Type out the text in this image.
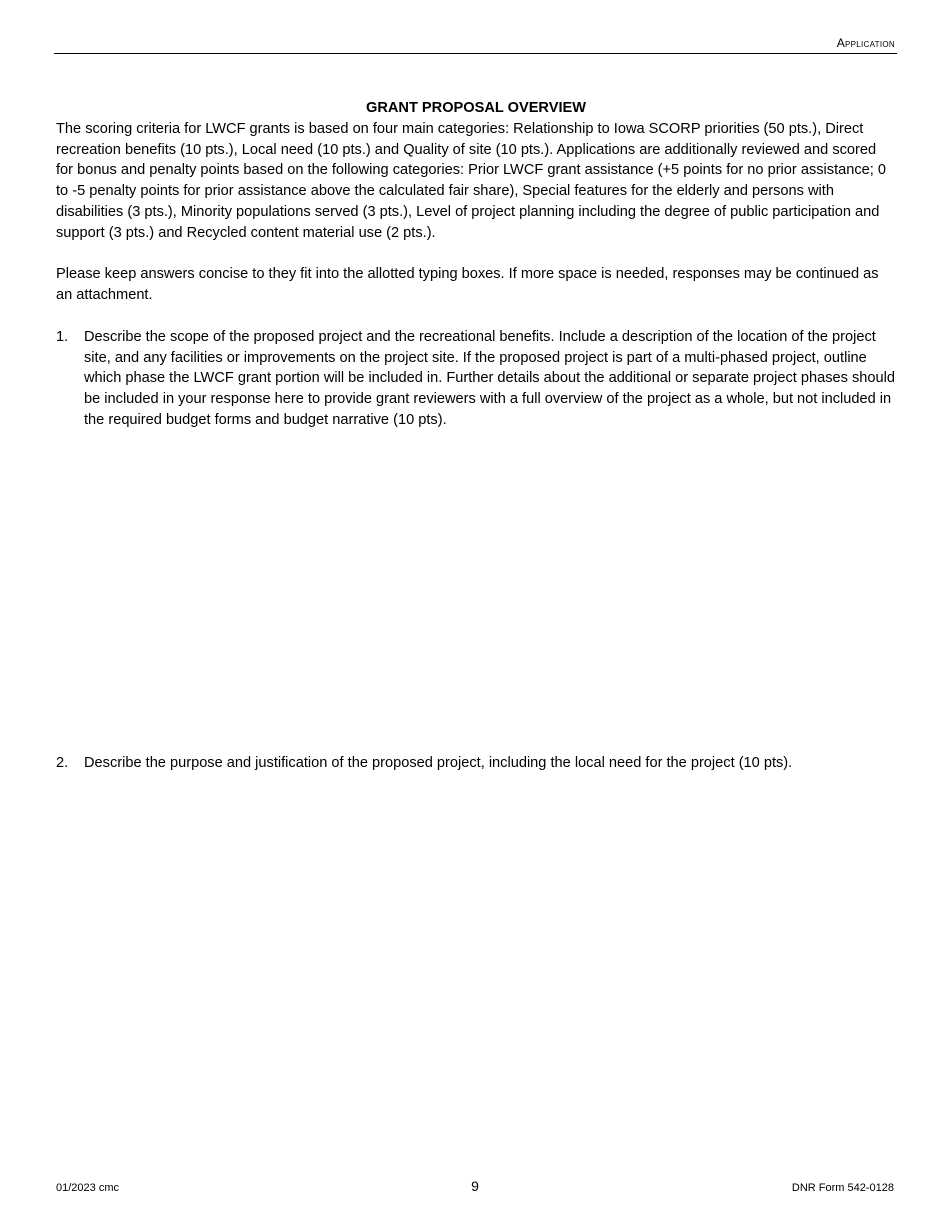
Application

GRANT PROPOSAL OVERVIEW

The scoring criteria for LWCF grants is based on four main categories: Relationship to Iowa SCORP priorities (50 pts.), Direct recreation benefits (10 pts.), Local need (10 pts.) and Quality of site (10 pts.). Applications are additionally reviewed and scored for bonus and penalty points based on the following categories: Prior LWCF grant assistance (+5 points for no prior assistance; 0 to -5 penalty points for prior assistance above the calculated fair share), Special features for the elderly and persons with disabilities (3 pts.), Minority populations served (3 pts.), Level of project planning including the degree of public participation and support (3 pts.) and Recycled content material use (2 pts.).

Please keep answers concise to they fit into the allotted typing boxes. If more space is needed, responses may be continued as an attachment.

1. Describe the scope of the proposed project and the recreational benefits. Include a description of the location of the project site, and any facilities or improvements on the project site. If the proposed project is part of a multi-phased project, outline which phase the LWCF grant portion will be included in. Further details about the additional or separate project phases should be included in your response here to provide grant reviewers with a full overview of the project as a whole, but not included in the required budget forms and budget narrative (10 pts).
2. Describe the purpose and justification of the proposed project, including the local need for the project (10 pts).
01/2023 cmc	9	DNR Form 542-0128
